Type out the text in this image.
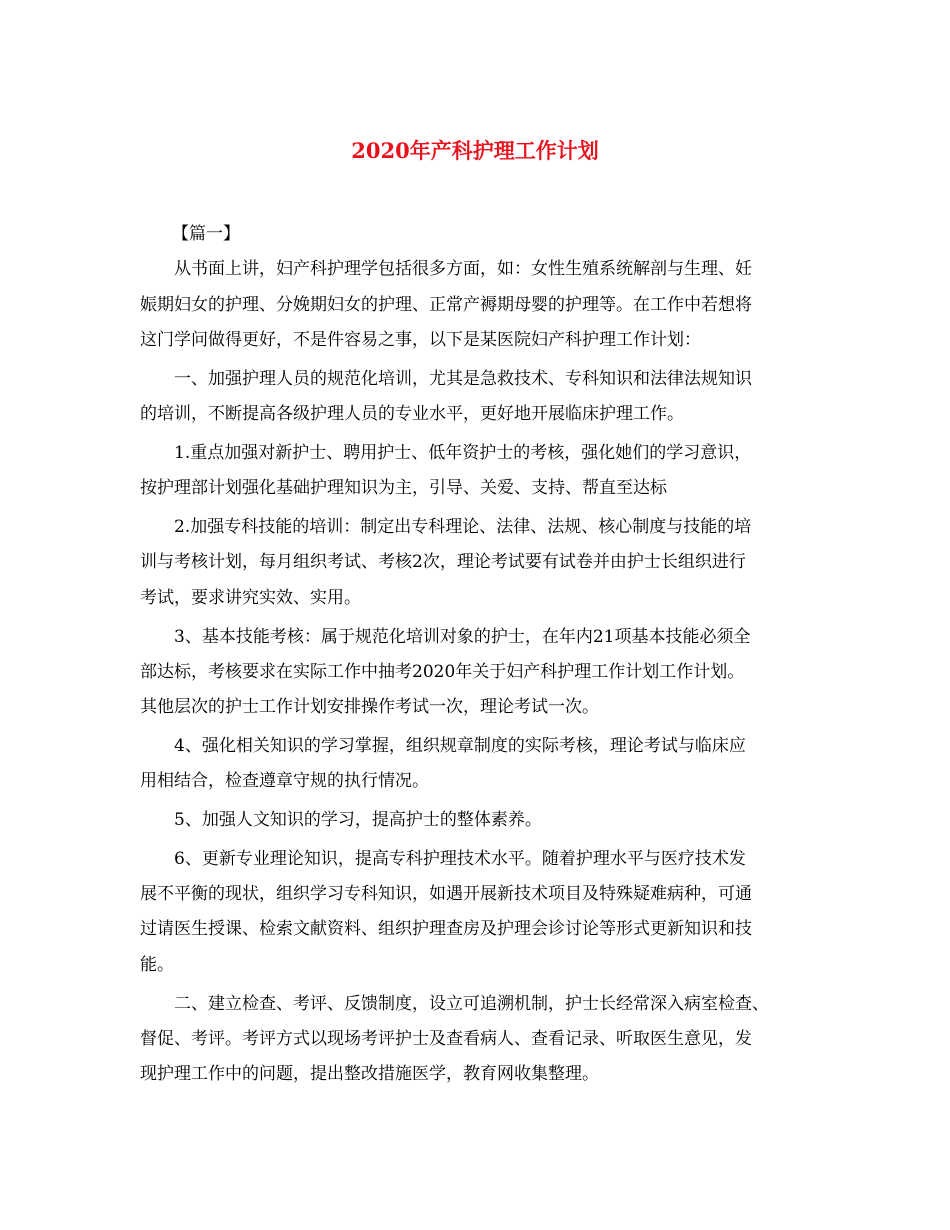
2020年产科护理工作计划
【篇一】
从书面上讲，妇产科护理学包括很多方面，如：女性生殖系统解剖与生理、妊
娠期妇女的护理、分娩期妇女的护理、正常产褥期母婴的护理等。在工作中若想将
这门学问做得更好，不是件容易之事，以下是某医院妇产科护理工作计划：
一、加强护理人员的规范化培训，尤其是急救技术、专科知识和法律法规知识
的培训，不断提高各级护理人员的专业水平，更好地开展临床护理工作。
1.重点加强对新护士、聘用护士、低年资护士的考核，强化她们的学习意识，
按护理部计划强化基础护理知识为主，引导、关爱、支持、帮直至达标
2.加强专科技能的培训：制定出专科理论、法律、法规、核心制度与技能的培
训与考核计划，每月组织考试、考核2次，理论考试要有试卷并由护士长组织进行
考试，要求讲究实效、实用。
3、基本技能考核：属于规范化培训对象的护士，在年内21项基本技能必须全
部达标，考核要求在实际工作中抽考2020年关于妇产科护理工作计划工作计划。
其他层次的护士工作计划安排操作考试一次，理论考试一次。
4、强化相关知识的学习掌握，组织规章制度的实际考核，理论考试与临床应
用相结合，检查遵章守规的执行情况。
5、加强人文知识的学习，提高护士的整体素养。
6、更新专业理论知识，提高专科护理技术水平。随着护理水平与医疗技术发
展不平衡的现状，组织学习专科知识，如遇开展新技术项目及特殊疑难病种，可通
过请医生授课、检索文献资料、组织护理查房及护理会诊讨论等形式更新知识和技
能。
二、建立检查、考评、反馈制度，设立可追溯机制，护士长经常深入病室检查、
督促、考评。考评方式以现场考评护士及查看病人、查看记录、听取医生意见，发
现护理工作中的问题，提出整改措施医学，教育网收集整理。
